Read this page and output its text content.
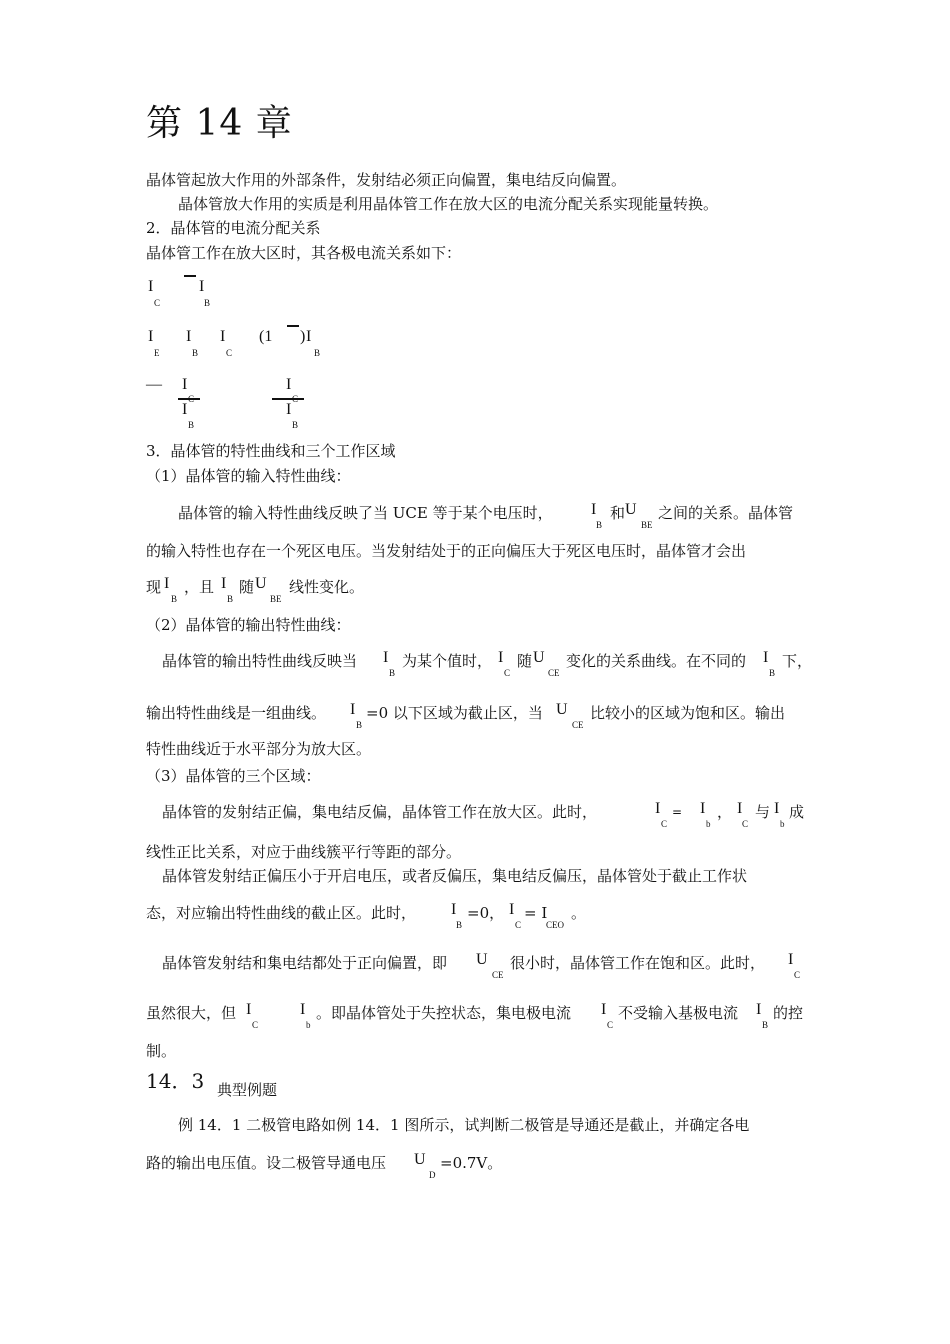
第 14 章
晶体管起放大作用的外部条件，发射结必须正向偏置，集电结反向偏置。
晶体管放大作用的实质是利用晶体管工作在放大区的电流分配关系实现能量转换。
2．晶体管的电流分配关系
晶体管工作在放大区时，其各极电流关系如下：
I
C
I
B
I
E
I
B
I
C
(1 ) I
B
— I
I
B
I
I
B
3．晶体管的特性曲线和三个工作区域
（1）晶体管的输入特性曲线：
晶体管的输入特性曲线反映了当 UCE 等于某个电压时， I
B
和 U
BE
之间的关系。晶体管
的输入特性也存在一个死区电压。当发射结处于的正向偏压大于死区电压时，晶体管才会出
现 I
B
，且 I
B
随 U
BE
线性变化。
（2）晶体管的输出特性曲线：
晶体管的输出特性曲线反映当 I
B
为某个值时， I
C
随 U
CE
变化的关系曲线。在不同的 I
B
下，
输出特性曲线是一组曲线。 I
B
=0 以下区域为截止区，当 U
CE
比较小的区域为饱和区。输出
特性曲线近于水平部分为放大区。
（3）晶体管的三个区域：
晶体管的发射结正偏，集电结反偏，晶体管工作在放大区。此时，	I
C
= I
b
， I
C
与 I
b
成
线性正比关系，对应于曲线簇平行等距的部分。
晶体管发射结正偏压小于开启电压，或者反偏压，集电结反偏压，晶体管处于截止工作状
态，对应输出特性曲线的截止区。此时， I
B
=0， I
C
= I
CEO
。
晶体管发射结和集电结都处于正向偏置，即 U
CE
很小时，晶体管工作在饱和区。此时， I
C
虽然很大，但 I
C
I
b
。即晶体管处于失控状态，集电极电流 I
C
不受输入基极电流 I
B
的控
制。
14．3 典型例题
例 14．1 二极管电路如例 14．1 图所示，试判断二极管是导通还是截止，并确定各电
路的输出电压值。设二极管导通电压 U
D
=0.7V。
